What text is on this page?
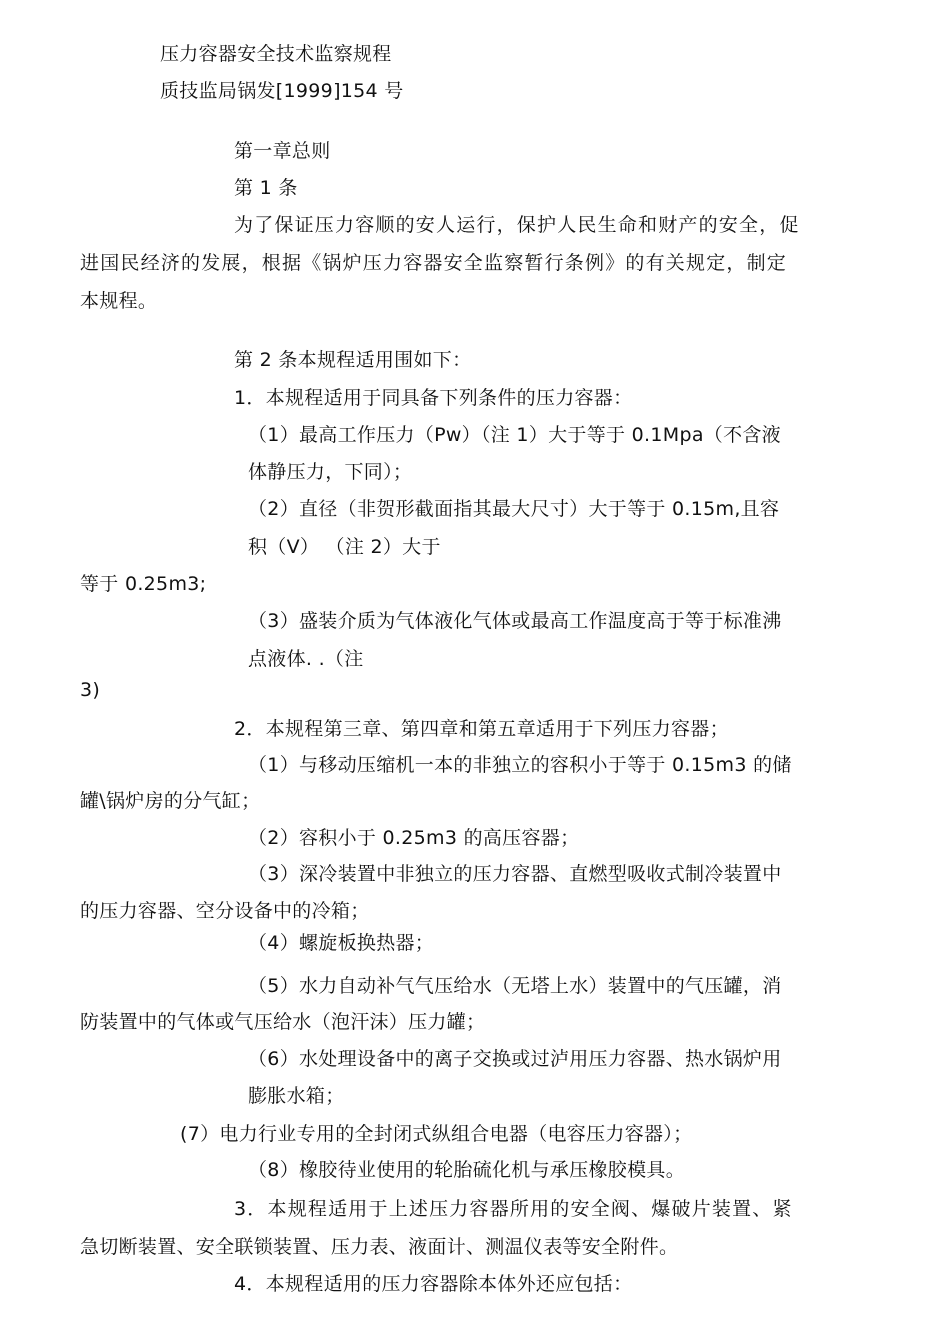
压力容器安全技术监察规程
质技监局锅发[1999]154 号
第一章总则
第 1 条
为了保证压力容顺的安人运行，保护人民生命和财产的安全，促
进国民经济的发展，根据《锅炉压力容器安全监察暂行条例》的有关规定，制定
本规程。
第 2 条本规程适用围如下：
1．本规程适用于同具备下列条件的压力容器：
（1）最高工作压力（Pw）（注 1）大于等于 0.1Mpa（不含液
体静压力，下同）；
（2）直径（非贺形截面指其最大尺寸）大于等于 0.15m,且容
积（V） （注 2）大于
等于 0.25m3;
（3）盛装介质为气体液化气体或最高工作温度高于等于标准沸
点液体. .（注
3)
2．本规程第三章、第四章和第五章适用于下列压力容器；
（1）与移动压缩机一本的非独立的容积小于等于 0.15m3 的储
罐\锅炉房的分气缸；
（2）容积小于 0.25m3 的高压容器；
（3）深冷装置中非独立的压力容器、直燃型吸收式制冷装置中
的压力容器、空分设备中的冷箱；
（4）螺旋板换热器；
（5）水力自动补气气压给水（无塔上水）装置中的气压罐，消
防装置中的气体或气压给水（泡汗沫）压力罐；
（6）水处理设备中的离子交换或过泸用压力容器、热水锅炉用
膨胀水箱；
(7）电力行业专用的全封闭式纵组合电器（电容压力容器）；
（8）橡胶待业使用的轮胎硫化机与承压橡胶模具。
3．本规程适用于上述压力容器所用的安全阀、爆破片装置、紧
急切断装置、安全联锁装置、压力表、液面计、测温仪表等安全附件。
4．本规程适用的压力容器除本体外还应包括：
